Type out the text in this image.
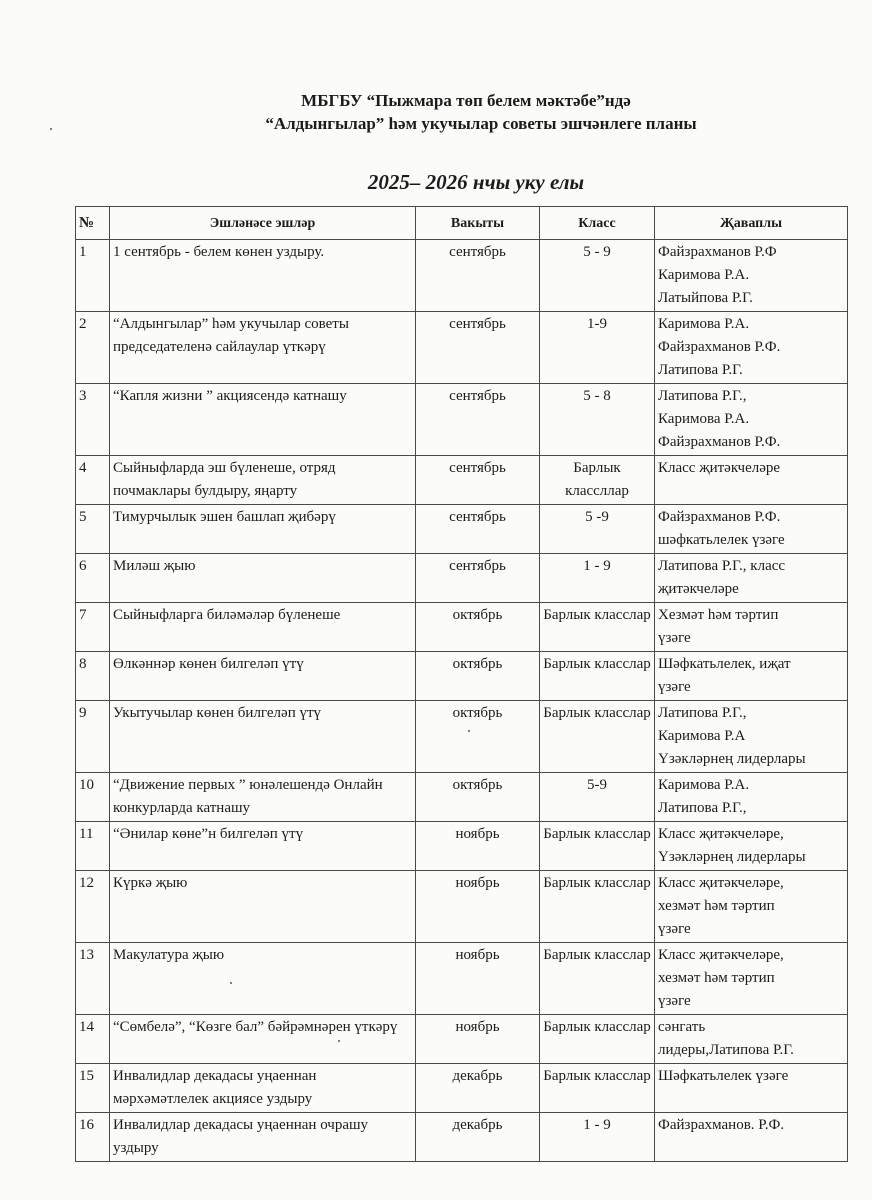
МБГБУ “Пыжмара төп белем мәктәбе”ндә
“Алдынгылар” һәм укучылар советы эшчәнлеге планы
2025– 2026 нчы уку елы
№	Эшләнәсе эшләр	Вакыты	Класс	Җаваплы
1	1 сентябрь - белем көнен уздыру.	сентябрь	5 - 9	Файзрахманов Р.Ф
Каримова Р.А.
Латыйпова Р.Г.

2	“Алдынгылар” һәм укучылар советы председателенә сайлаулар үткәрү	сентябрь	1-9	Каримова Р.А.
Файзрахманов Р.Ф.
Латипова Р.Г.

3	“Капля жизни ” акциясендә катнашу	сентябрь	5 - 8	Латипова Р.Г.,
Каримова Р.А.
Файзрахманов Р.Ф.

4	Сыйныфларда эш бүленеше, отряд почмаклары булдыру, яңарту	сентябрь	Барлык классллар	Класс җитәкчеләре

5	Тимурчылык эшен башлап җибәрү	сентябрь	5 -9	Файзрахманов Р.Ф.
шәфкатьлелек үзәге

6	Миләш җыю	сентябрь	1 - 9	Латипова Р.Г., класс
җитәкчеләре

7	Сыйныфларга биләмәләр бүленеше	октябрь	Барлык класслар	Хезмәт һәм тәртип
үзәге

8	Өлкәннәр көнен билгеләп үтү	октябрь	Барлык класслар	Шәфкатьлелек, иҗат
үзәге

9	Укытучылар көнен билгеләп үтү	октябрь	Барлык класслар	Латипова Р.Г.,
Каримова Р.А
Үзәкләрнең лидерлары

10	“Движение первых ” юнәлешендә Онлайн конкурларда катнашу	октябрь	5-9	Каримова Р.А.
Латипова Р.Г.,

11	“Әнилар көне”н билгеләп үтү	ноябрь	Барлык класслар	Класс җитәкчеләре,
Үзәкләрнең лидерлары

12	Күркә җыю	ноябрь	Барлык класслар	Класс җитәкчеләре,
хезмәт һәм тәртип
үзәге

13	Макулатура җыю	ноябрь	Барлык класслар	Класс җитәкчеләре,
хезмәт һәм тәртип
үзәге

14	“Сөмбелә”, “Көзге бал” бәйрәмнәрен үткәрү	ноябрь	Барлык класслар	сәнгать
лидеры,Латипова Р.Г.

15	Инвалидлар декадасы уңаеннан мәрхәмәтлелек акциясе уздыру	декабрь	Барлык класслар	Шәфкатьлелек үзәге

16	Инвалидлар декадасы уңаеннан очрашу уздыру	декабрь	1 - 9	Файзрахманов. Р.Ф.
